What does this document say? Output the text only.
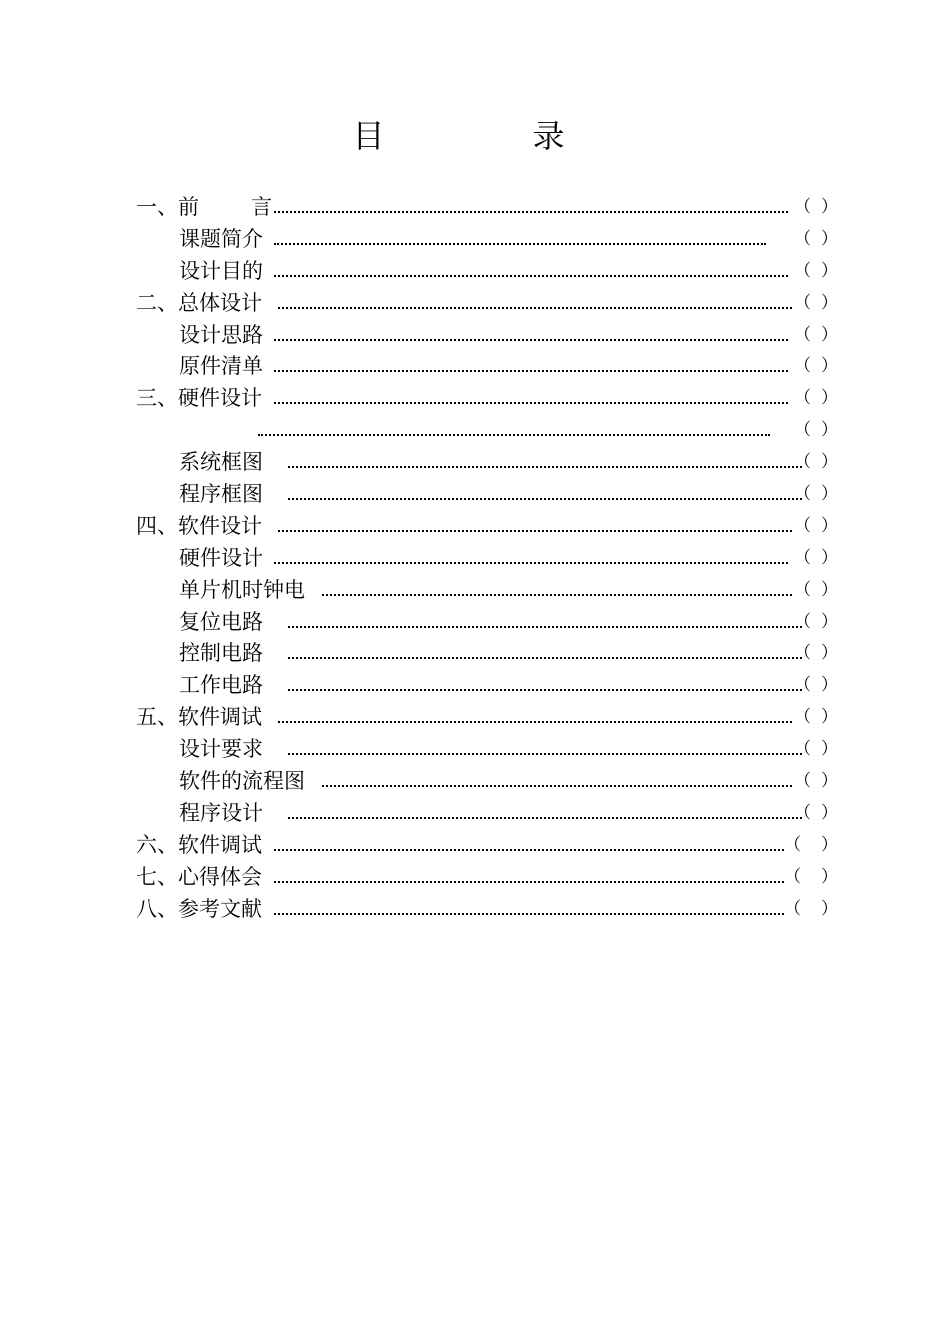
目　录
一、前 言	（ ）
课题简介	（ ）
设计目的	（ ）
二、总体设计	（ ）
设计思路	（ ）
原件清单	（ ）
三、硬件设计	（ ）
（ ）
系统框图	（ ）
程序框图	（ ）
四、软件设计	（ ）
硬件设计	（ ）
单片机时钟电	（ ）
复位电路	（ ）
控制电路	（ ）
工作电路	（ ）
五、软件调试	（ ）
设计要求	（ ）
软件的流程图	（ ）
程序设计	（ ）
六、软件调试	（ ）
七、心得体会	（ ）
八、参考文献	（ ）
